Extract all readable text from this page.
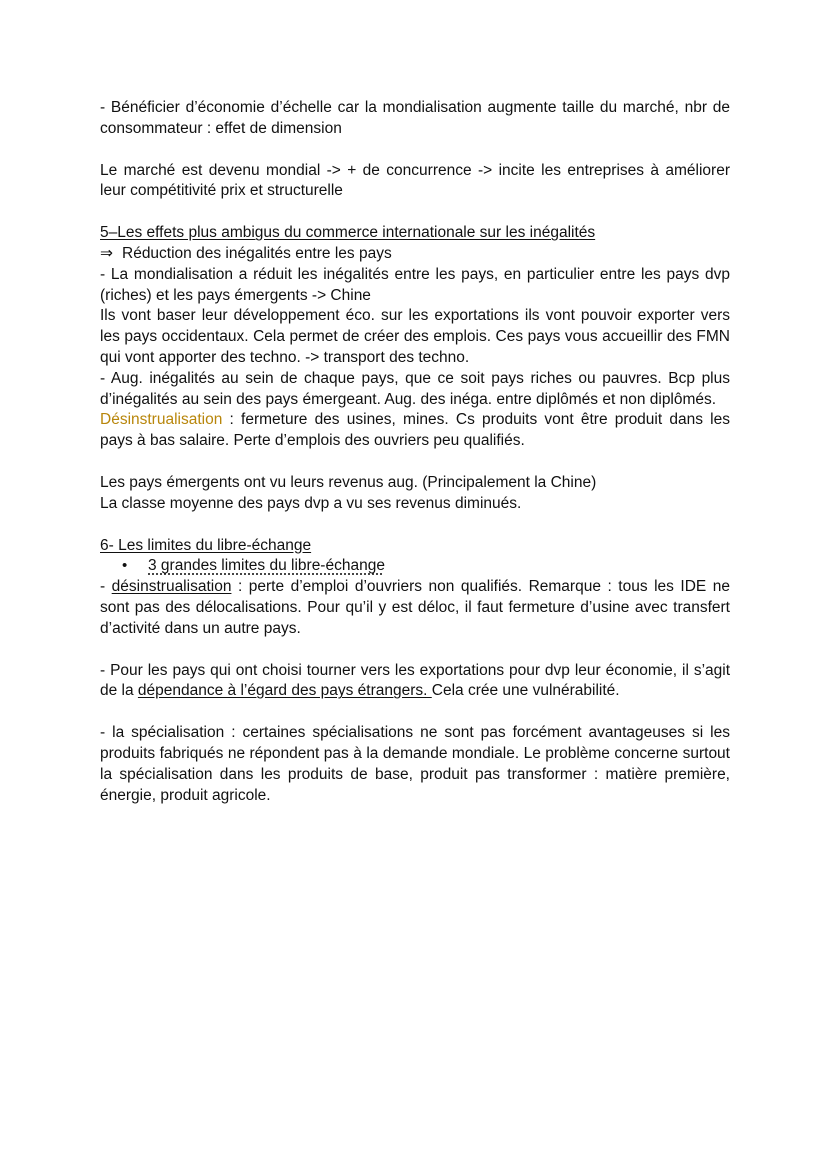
- Bénéficier d’économie d’échelle car la mondialisation augmente taille du marché, nbr de consommateur : effet de dimension

Le marché est devenu mondial -> + de concurrence -> incite les entreprises à améliorer leur compétitivité prix et structurelle

5–Les effets plus ambigus du commerce internationale sur les inégalités

⇒ Réduction des inégalités entre les pays

- La mondialisation a réduit les inégalités entre les pays, en particulier entre les pays dvp (riches) et les pays émergents -> Chine

Ils vont baser leur développement éco. sur les exportations ils vont pouvoir exporter vers les pays occidentaux. Cela permet de créer des emplois. Ces pays vous accueillir des FMN qui vont apporter des techno. -> transport des techno.

- Aug. inégalités au sein de chaque pays, que ce soit pays riches ou pauvres. Bcp plus d’inégalités au sein des pays émergeant. Aug. des inéga. entre diplômés et non diplômés.

Désinstrualisation : fermeture des usines, mines. Cs produits vont être produit dans les pays à bas salaire. Perte d’emplois des ouvriers peu qualifiés.

Les pays émergents ont vu leurs revenus aug. (Principalement la Chine)

La classe moyenne des pays dvp a vu ses revenus diminués.

6- Les limites du libre-échange

•	3 grandes limites du libre-échange

- désinstrualisation : perte d’emploi d’ouvriers non qualifiés. Remarque : tous les IDE ne sont pas des délocalisations. Pour qu’il y est déloc, il faut fermeture d’usine avec transfert d’activité dans un autre pays.

- Pour les pays qui ont choisi tourner vers les exportations pour dvp leur économie, il s’agit de la dépendance à l’égard des pays étrangers. Cela crée une vulnérabilité.

- la spécialisation : certaines spécialisations ne sont pas forcément avantageuses si les produits fabriqués ne répondent pas à la demande mondiale. Le problème concerne surtout la spécialisation dans les produits de base, produit pas transformer : matière première, énergie, produit agricole.
